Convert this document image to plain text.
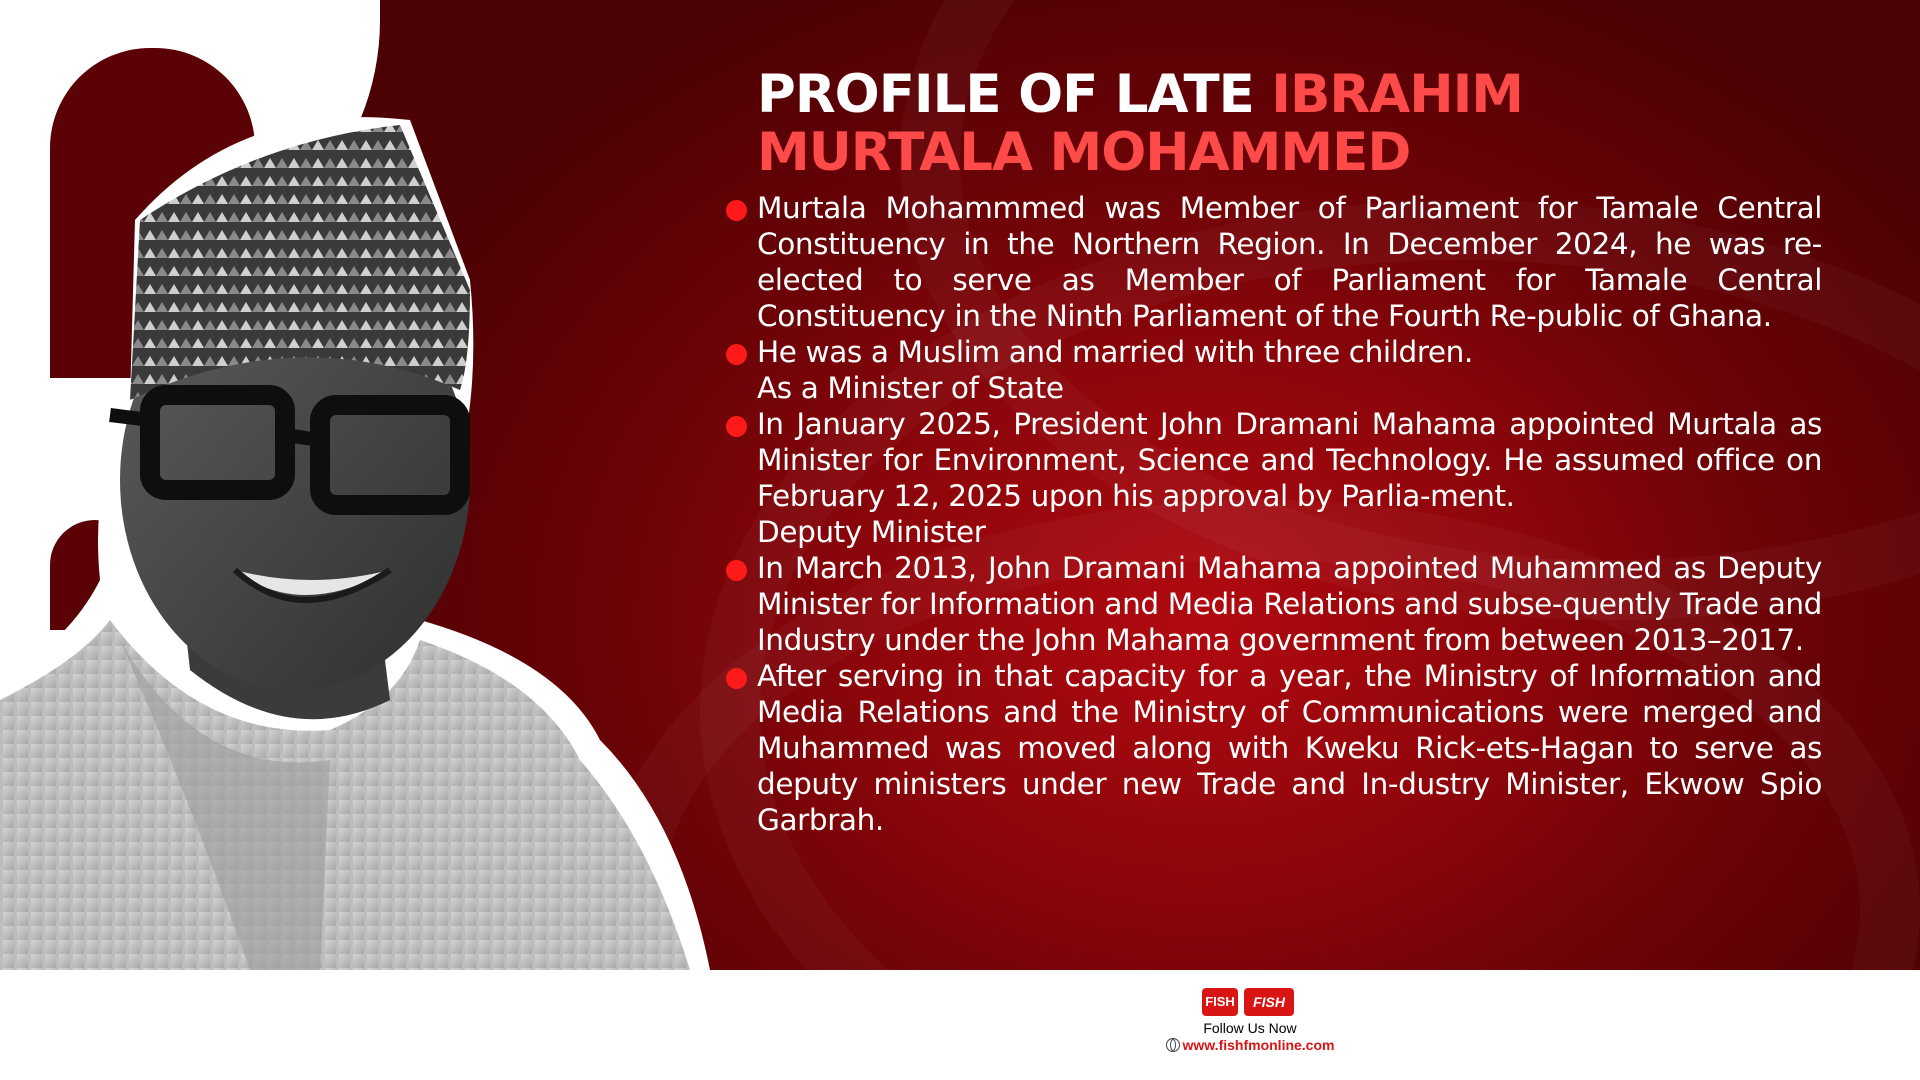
PROFILE OF LATE IBRAHIM
MURTALA MOHAMMED
Murtala Mohammmed was Member of Parliament for Tamale Central Constituency in the Northern Region. In December 2024, he was re-elected to serve as Member of Parliament for Tamale Central Constituency in the Ninth Parliament of the Fourth Re-public of Ghana.
He was a Muslim and married with three children.
As a Minister of State
In January 2025, President John Dramani Mahama appointed Murtala as Minister for Environment, Science and Technology. He assumed office on February 12, 2025 upon his approval by Parlia-ment.
Deputy Minister
In March 2013, John Dramani Mahama appointed Muhammed as Deputy Minister for Information and Media Relations and subse-quently Trade and Industry under the John Mahama government from between 2013–2017.
After serving in that capacity for a year, the Ministry of Information and Media Relations and the Ministry of Communications were merged and Muhammed was moved along with Kweku Rick-ets-Hagan to serve as deputy ministers under new Trade and In-dustry Minister, Ekwow Spio Garbrah.
FISH	FISH
Follow Us Now
www.fishfmonline.com
